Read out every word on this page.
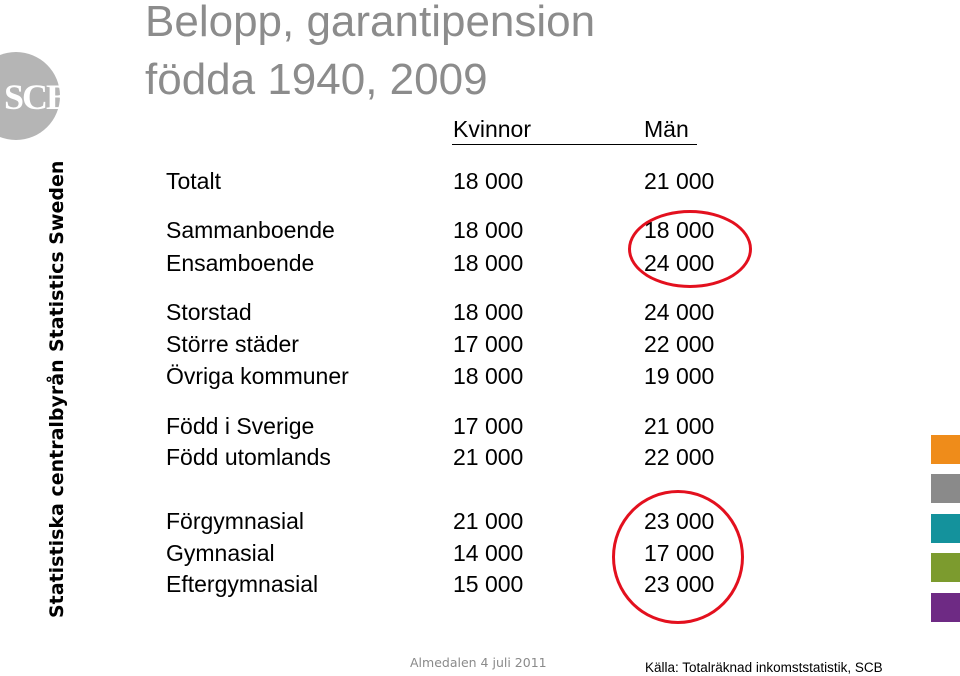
Belopp, garantipension
födda 1940, 2009
SCB
Statistics Sweden
Statistiska centralbyrån
Kvinnor	Män
Totalt	18 000	21 000
Sammanboende	18 000	18 000
Ensamboende	18 000	24 000
Storstad	18 000	24 000
Större städer	17 000	22 000
Övriga kommuner	18 000	19 000
Född i Sverige	17 000	21 000
Född utomlands	21 000	22 000
Förgymnasial	21 000	23 000
Gymnasial	14 000	17 000
Eftergymnasial	15 000	23 000
Almedalen 4 juli 2011	Källa: Totalräknad inkomststatistik, SCB
